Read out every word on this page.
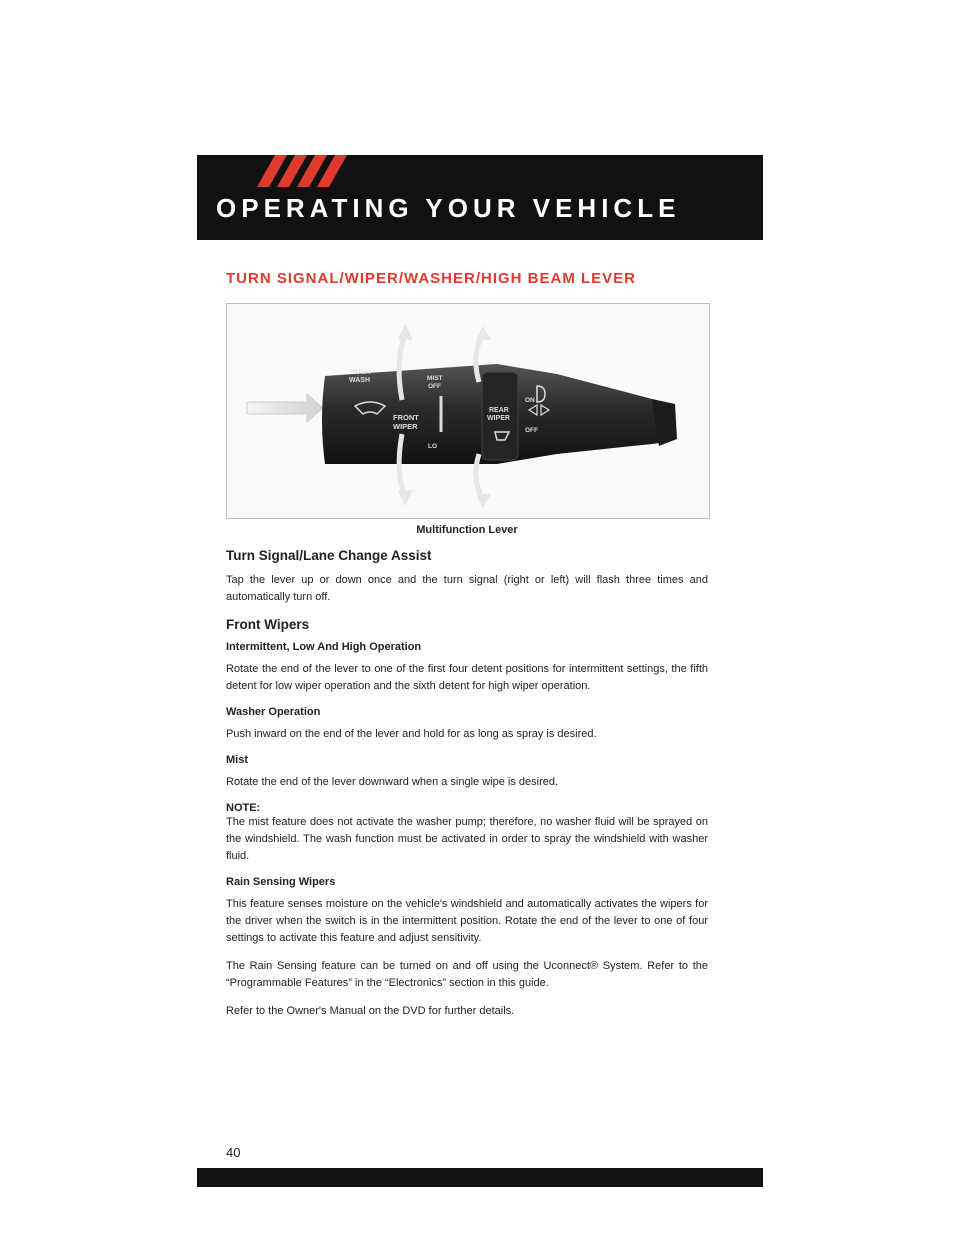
OPERATING YOUR VEHICLE
TURN SIGNAL/WIPER/WASHER/HIGH BEAM LEVER
PUSH
WASH	MIST
OFF
FRONT
WIPER
LO
REAR
WIPER
ON
OFF
Multifunction Lever
Turn Signal/Lane Change Assist

Tap the lever up or down once and the turn signal (right or left) will flash three times and automatically turn off.

Front Wipers
Intermittent, Low And High Operation

Rotate the end of the lever to one of the first four detent positions for intermittent settings, the fifth detent for low wiper operation and the sixth detent for high wiper operation.

Washer Operation

Push inward on the end of the lever and hold for as long as spray is desired.

Mist

Rotate the end of the lever downward when a single wipe is desired.

NOTE:

The mist feature does not activate the washer pump; therefore, no washer fluid will be sprayed on the windshield. The wash function must be activated in order to spray the windshield with washer fluid.

Rain Sensing Wipers

This feature senses moisture on the vehicle's windshield and automatically activates the wipers for the driver when the switch is in the intermittent position. Rotate the end of the lever to one of four settings to activate this feature and adjust sensitivity.

The Rain Sensing feature can be turned on and off using the Uconnect® System. Refer to the “Programmable Features” in the “Electronics” section in this guide.

Refer to the Owner's Manual on the DVD for further details.

40
